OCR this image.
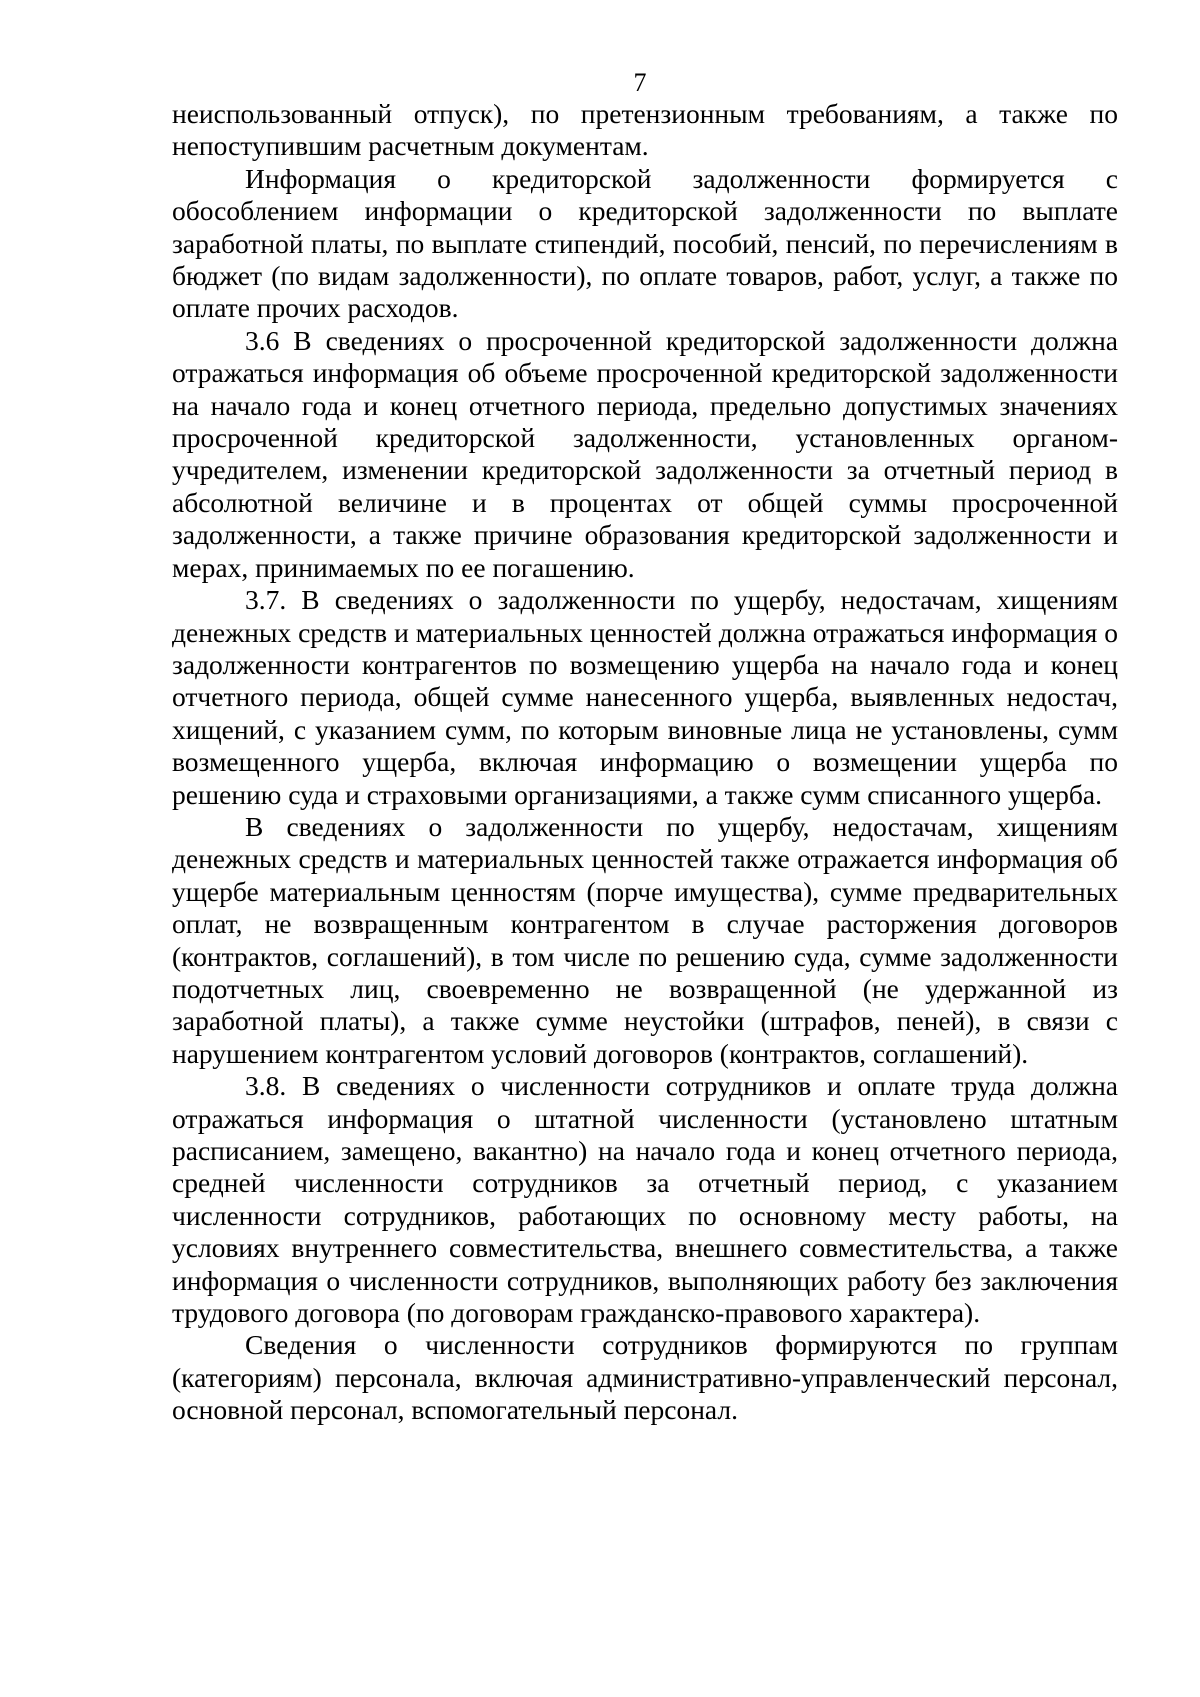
7

неиспользованный отпуск), по претензионным требованиям, а также по непоступившим расчетным документам.

Информация о кредиторской задолженности формируется с обособлением информации о кредиторской задолженности по выплате заработной платы, по выплате стипендий, пособий, пенсий, по перечислениям в бюджет (по видам задолженности), по оплате товаров, работ, услуг, а также по оплате прочих расходов.

3.6 В сведениях о просроченной кредиторской задолженности должна отражаться информация об объеме просроченной кредиторской задолженности на начало года и конец отчетного периода, предельно допустимых значениях просроченной кредиторской задолженности, установленных органом-учредителем, изменении кредиторской задолженности за отчетный период в абсолютной величине и в процентах от общей суммы просроченной задолженности, а также причине образования кредиторской задолженности и мерах, принимаемых по ее погашению.

3.7. В сведениях о задолженности по ущербу, недостачам, хищениям денежных средств и материальных ценностей должна отражаться информация о задолженности контрагентов по возмещению ущерба на начало года и конец отчетного периода, общей сумме нанесенного ущерба, выявленных недостач, хищений, с указанием сумм, по которым виновные лица не установлены, сумм возмещенного ущерба, включая информацию о возмещении ущерба по решению суда и страховыми организациями, а также сумм списанного ущерба.

В сведениях о задолженности по ущербу, недостачам, хищениям денежных средств и материальных ценностей также отражается информация об ущербе материальным ценностям (порче имущества), сумме предварительных оплат, не возвращенным контрагентом в случае расторжения договоров (контрактов, соглашений), в том числе по решению суда, сумме задолженности подотчетных лиц, своевременно не возвращенной (не удержанной из заработной платы), а также сумме неустойки (штрафов, пеней), в связи с нарушением контрагентом условий договоров (контрактов, соглашений).

3.8. В сведениях о численности сотрудников и оплате труда должна отражаться информация о штатной численности (установлено штатным расписанием, замещено, вакантно) на начало года и конец отчетного периода, средней численности сотрудников за отчетный период, с указанием численности сотрудников, работающих по основному месту работы, на условиях внутреннего совместительства, внешнего совместительства, а также информация о численности сотрудников, выполняющих работу без заключения трудового договора (по договорам гражданско-правового характера).

Сведения о численности сотрудников формируются по группам (категориям) персонала, включая административно-управленческий персонал, основной персонал, вспомогательный персонал.
